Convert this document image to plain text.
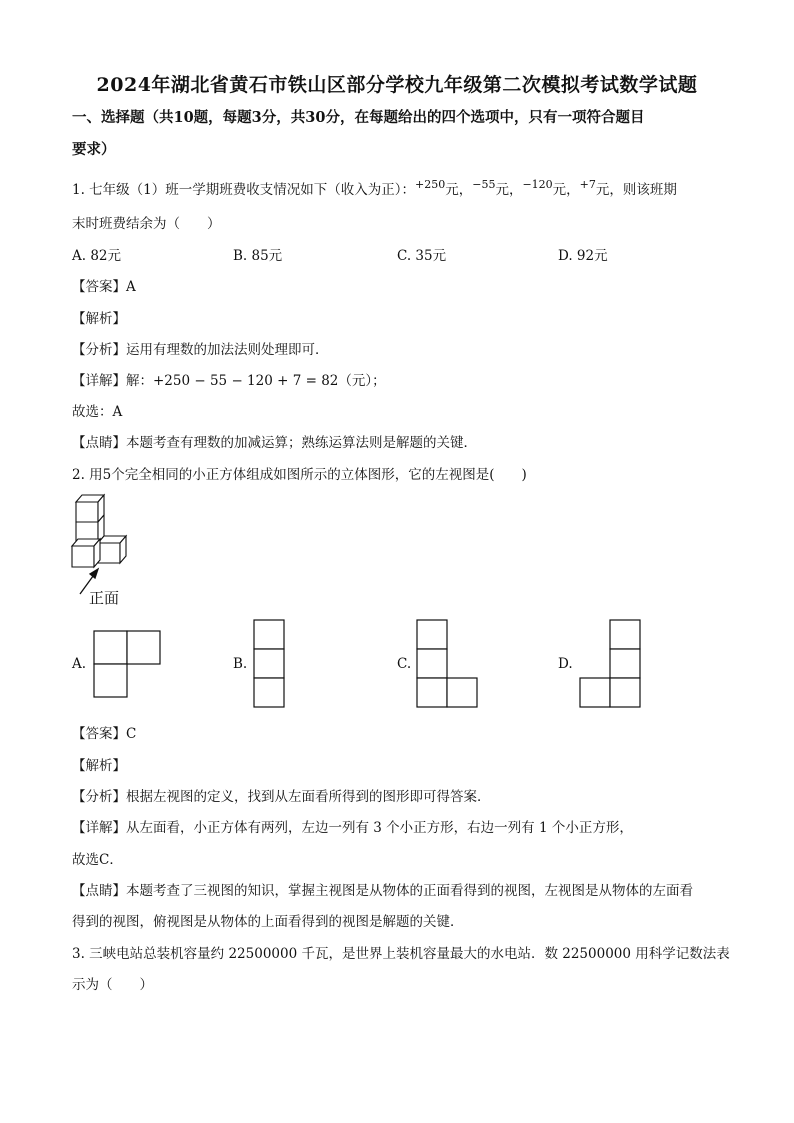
2024年湖北省黄石市铁山区部分学校九年级第二次模拟考试数学试题
一、选择题（共10题，每题3分，共30分，在每题给出的四个选项中，只有一项符合题目
要求）
1. 七年级（1）班一学期班费收支情况如下（收入为正）：$^{+250}$元，$^{-55}$元，$^{-120}$元，$^{+7}$元，则该班期
末时班费结余为（　　）
A. 82元	B. 85元	C. 35元	D. 92元
【答案】A
【解析】
【分析】运用有理数的加法法则处理即可．
【详解】解：+250 − 55 − 120 + 7 = 82（元）；
故选：A
【点睛】本题考查有理数的加减运算；熟练运算法则是解题的关键．
2. 用5个完全相同的小正方体组成如图所示的立体图形，它的左视图是(　　)
正面
A.	B.	C.	D.
【答案】C
【解析】
【分析】根据左视图的定义，找到从左面看所得到的图形即可得答案．
【详解】从左面看，小正方体有两列，左边一列有 3 个小正方形，右边一列有 1 个小正方形，
故选C．
【点睛】本题考查了三视图的知识，掌握主视图是从物体的正面看得到的视图，左视图是从物体的左面看
得到的视图，俯视图是从物体的上面看得到的视图是解题的关键．
3. 三峡电站总装机容量约 22500000 千瓦，是世界上装机容量最大的水电站．数 22500000 用科学记数法表
示为（　　）
